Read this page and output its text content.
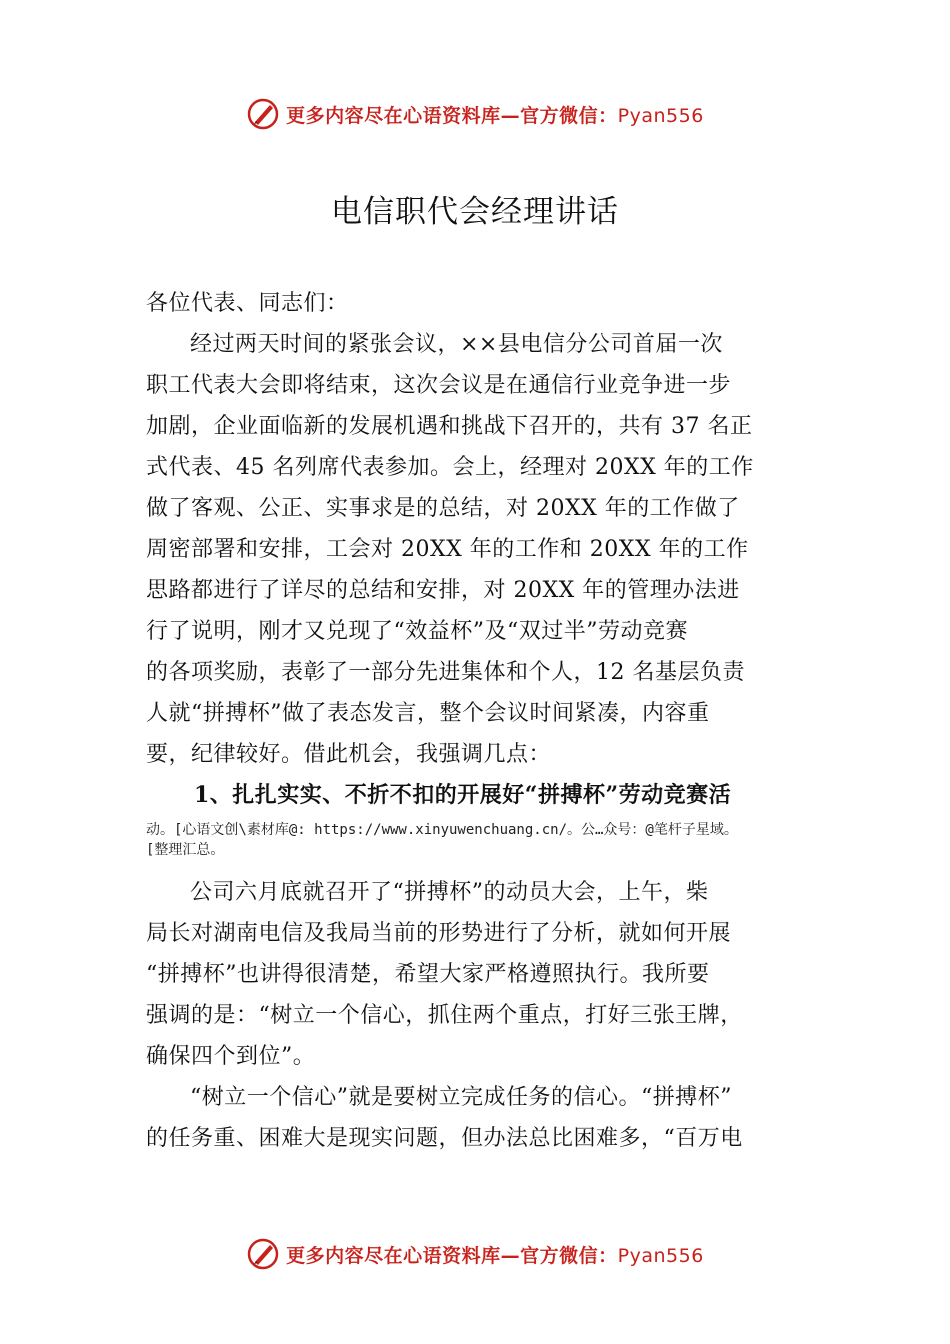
更多内容尽在心语资料库—官方微信：Pyan556
电信职代会经理讲话
各位代表、同志们：
经过两天时间的紧张会议，××县电信分公司首届一次
职工代表大会即将结束，这次会议是在通信行业竞争进一步
加剧，企业面临新的发展机遇和挑战下召开的，共有 37 名正
式代表、45 名列席代表参加。会上，经理对 20XX 年的工作
做了客观、公正、实事求是的总结，对 20XX 年的工作做了
周密部署和安排，工会对 20XX 年的工作和 20XX 年的工作
思路都进行了详尽的总结和安排，对 20XX 年的管理办法进
行了说明，刚才又兑现了“效益杯”及“双过半”劳动竞赛
的各项奖励，表彰了一部分先进集体和个人，12 名基层负责
人就“拼搏杯”做了表态发言，整个会议时间紧凑，内容重
要，纪律较好。借此机会，我强调几点：
1、扎扎实实、不折不扣的开展好“拼搏杯”劳动竞赛活
动。[心语文创\素材库@: https://www.xinyuwenchuang.cn/。公…众号：@笔杆子星域。
[整理汇总。
公司六月底就召开了“拼搏杯”的动员大会，上午，柴
局长对湖南电信及我局当前的形势进行了分析，就如何开展
“拼搏杯”也讲得很清楚，希望大家严格遵照执行。我所要
强调的是：“树立一个信心，抓住两个重点，打好三张王牌，
确保四个到位”。
“树立一个信心”就是要树立完成任务的信心。“拼搏杯”
的任务重、困难大是现实问题，但办法总比困难多，“百万电
更多内容尽在心语资料库—官方微信：Pyan556
